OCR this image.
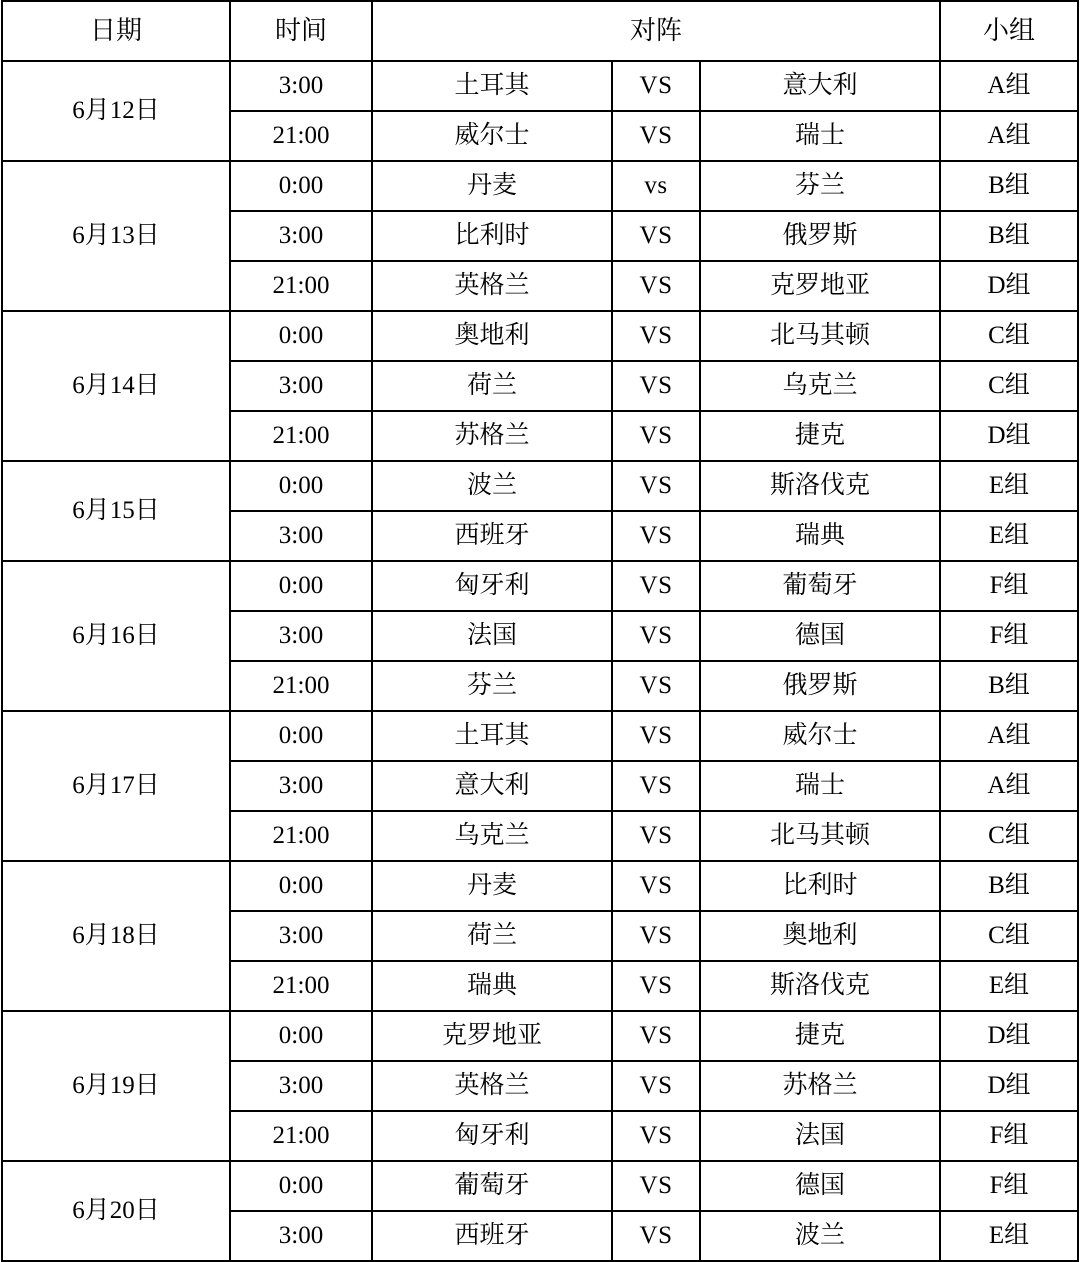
日期	时间	对阵			小组
6月12日	3:00	土耳其	VS	意大利	A组
	21:00	威尔士	VS	瑞士	A组
6月13日	0:00	丹麦	vs	芬兰	B组
	3:00	比利时	VS	俄罗斯	B组
	21:00	英格兰	VS	克罗地亚	D组
6月14日	0:00	奥地利	VS	北马其顿	C组
	3:00	荷兰	VS	乌克兰	C组
	21:00	苏格兰	VS	捷克	D组
6月15日	0:00	波兰	VS	斯洛伐克	E组
	3:00	西班牙	VS	瑞典	E组
6月16日	0:00	匈牙利	VS	葡萄牙	F组
	3:00	法国	VS	德国	F组
	21:00	芬兰	VS	俄罗斯	B组
6月17日	0:00	土耳其	VS	威尔士	A组
	3:00	意大利	VS	瑞士	A组
	21:00	乌克兰	VS	北马其顿	C组
6月18日	0:00	丹麦	VS	比利时	B组
	3:00	荷兰	VS	奥地利	C组
	21:00	瑞典	VS	斯洛伐克	E组
6月19日	0:00	克罗地亚	VS	捷克	D组
	3:00	英格兰	VS	苏格兰	D组
	21:00	匈牙利	VS	法国	F组
6月20日	0:00	葡萄牙	VS	德国	F组
	3:00	西班牙	VS	波兰	E组
